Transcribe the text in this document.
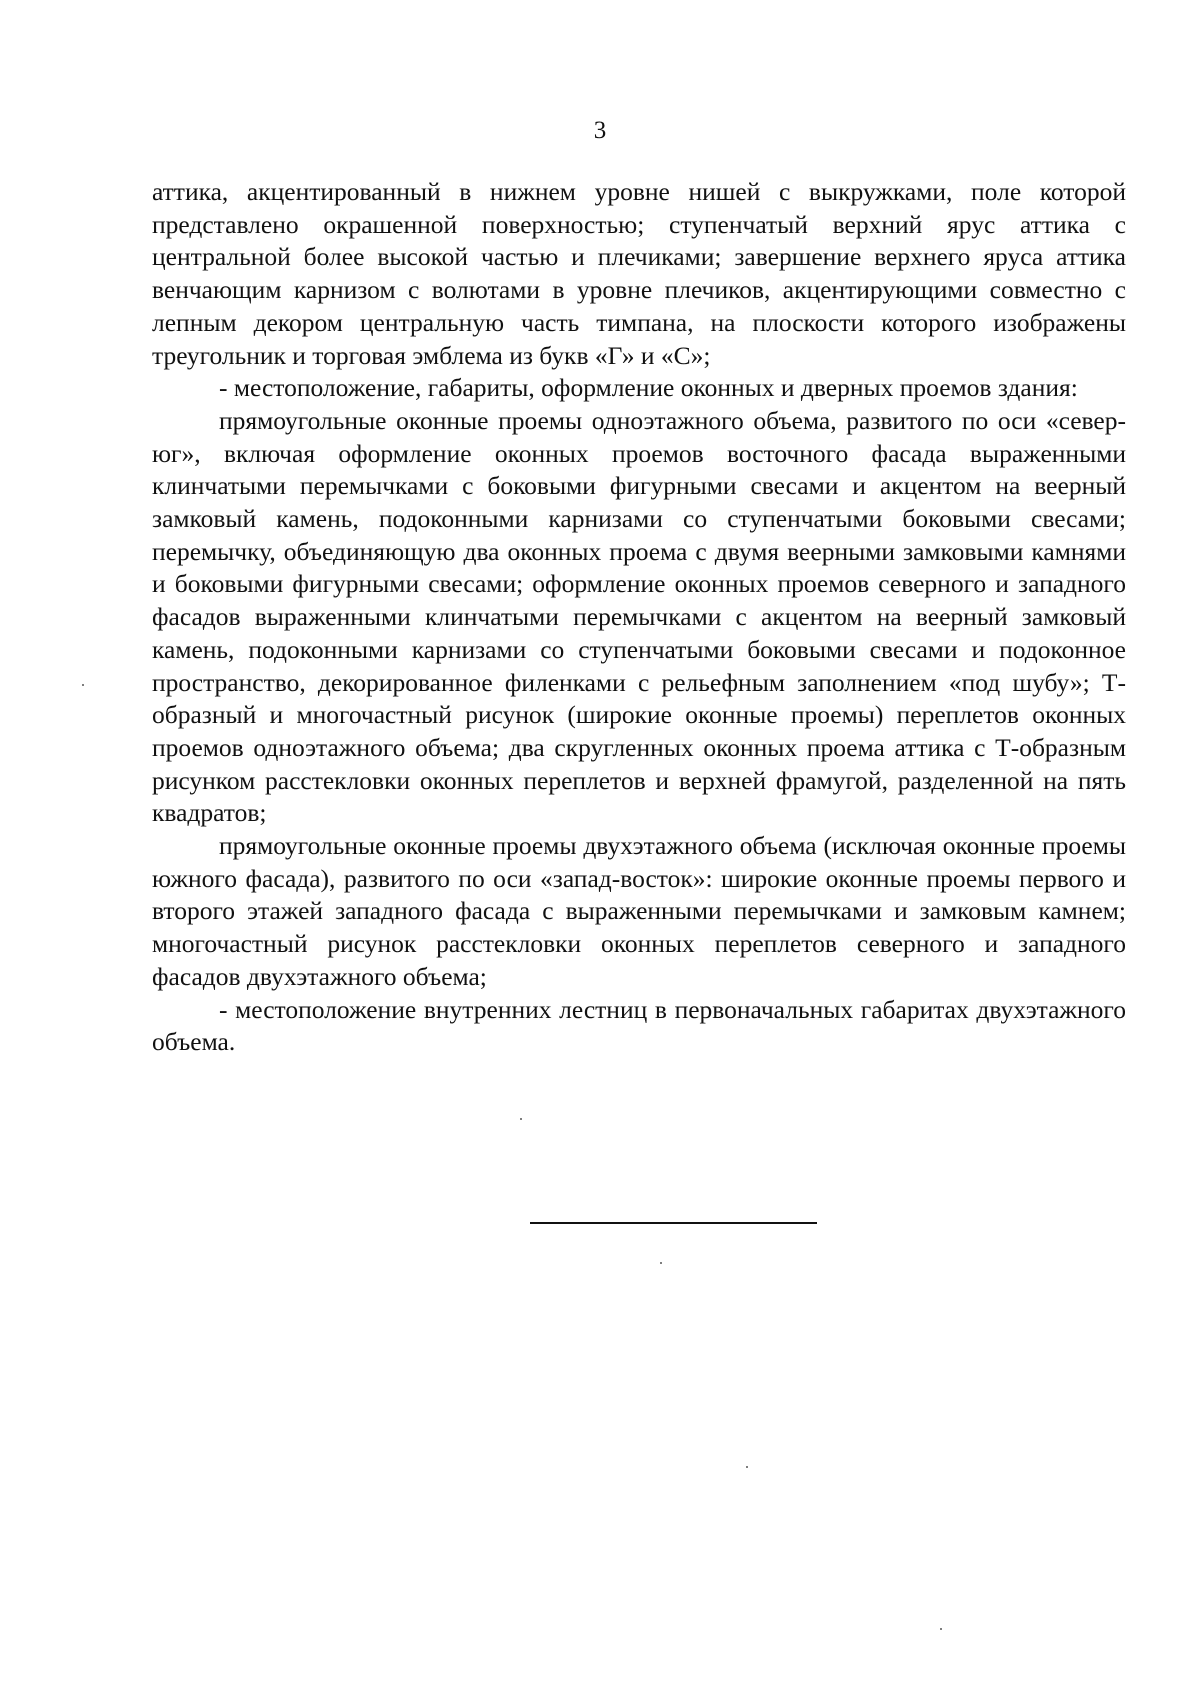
3

аттика, акцентированный в нижнем уровне нишей с выкружками, поле которой представлено окрашенной поверхностью; ступенчатый верхний ярус аттика с центральной более высокой частью и плечиками; завершение верхнего яруса аттика венчающим карнизом с волютами в уровне плечиков, акцентирующими совместно с лепным декором центральную часть тимпана, на плоскости которого изображены треугольник и торговая эмблема из букв «Г» и «С»;

- местоположение, габариты, оформление оконных и дверных проемов здания:

прямоугольные оконные проемы одноэтажного объема, развитого по оси «север-юг», включая оформление оконных проемов восточного фасада выраженными клинчатыми перемычками с боковыми фигурными свесами и акцентом на веерный замковый камень, подоконными карнизами со ступенчатыми боковыми свесами; перемычку, объединяющую два оконных проема с двумя веерными замковыми камнями и боковыми фигурными свесами; оформление оконных проемов северного и западного фасадов выраженными клинчатыми перемычками с акцентом на веерный замковый камень, подоконными карнизами со ступенчатыми боковыми свесами и подоконное пространство, декорированное филенками с рельефным заполнением «под шубу»; Т-образный и многочастный рисунок (широкие оконные проемы) переплетов оконных проемов одноэтажного объема; два скругленных оконных проема аттика с Т-образным рисунком расстекловки оконных переплетов и верхней фрамугой, разделенной на пять квадратов;

прямоугольные оконные проемы двухэтажного объема (исключая оконные проемы южного фасада), развитого по оси «запад-восток»: широкие оконные проемы первого и второго этажей западного фасада с выраженными перемычками и замковым камнем; многочастный рисунок расстекловки оконных переплетов северного и западного фасадов двухэтажного объема;

- местоположение внутренних лестниц в первоначальных габаритах двухэтажного объема.
